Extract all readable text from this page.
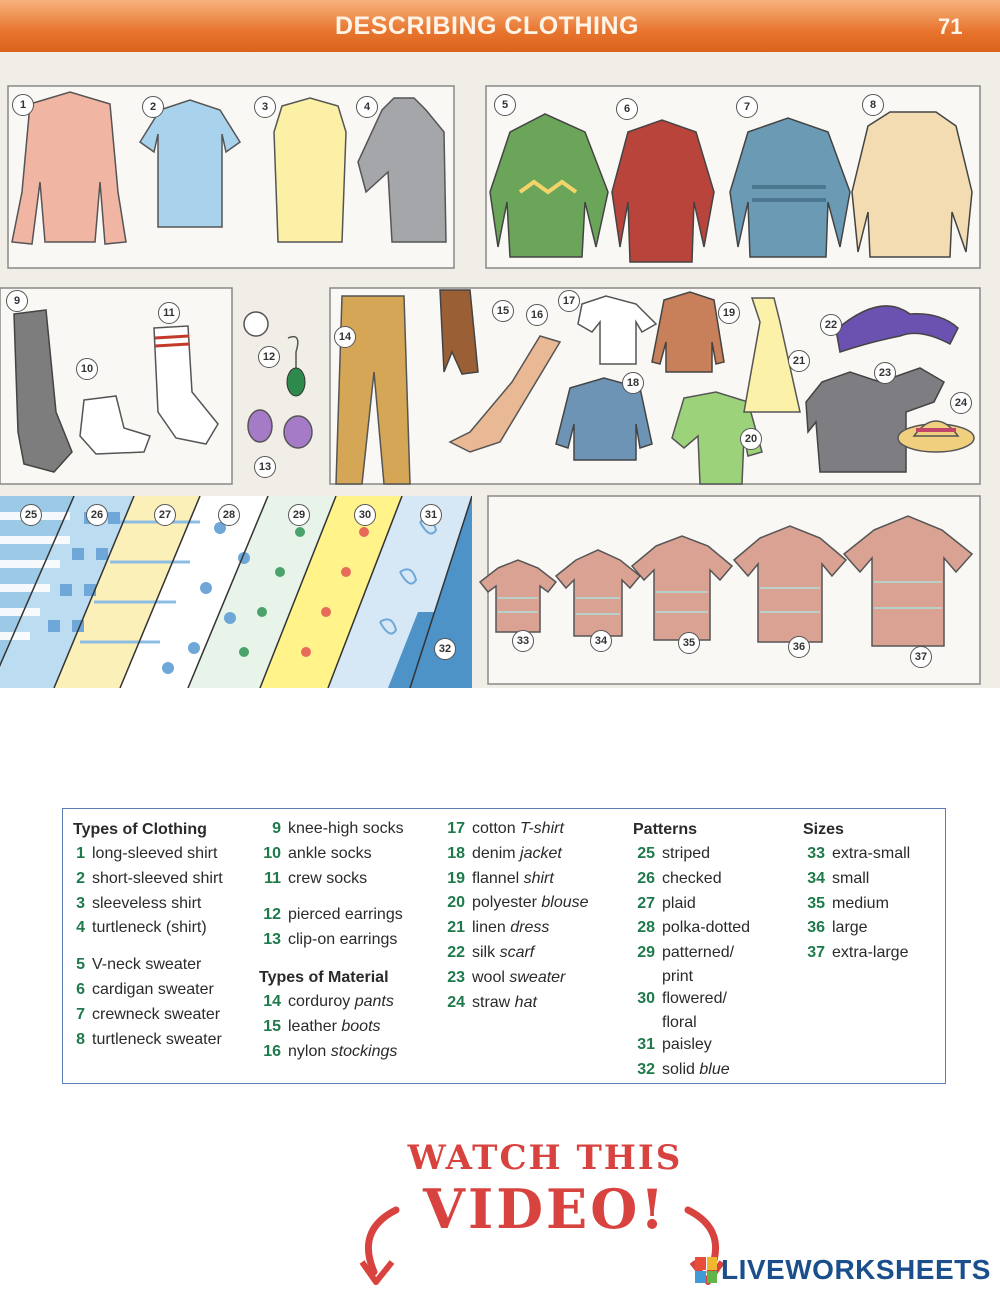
DESCRIBING CLOTHING	71
1	2	3	4	5	6	7	8
9
10
11
12
13
14
15	16
17
18
19
20
21
22
23
24
25	26	27	28	29	30	31
32
33	34	35	36
37
Types of Clothing
1 long-sleeved shirt
2 short-sleeved shirt
3 sleeveless shirt
4 turtleneck (shirt)
5 V-neck sweater
6 cardigan sweater
7 crewneck sweater
8 turtleneck sweater
9 knee-high socks
10 ankle socks
11 crew socks
12 pierced earrings
13 clip-on earrings
Types of Material
14 corduroy pants
15 leather boots
16 nylon stockings
17 cotton T-shirt
18 denim jacket
19 flannel shirt
20 polyester blouse
21 linen dress
22 silk scarf
23 wool sweater
24 straw hat
Patterns
25 striped
26 checked
27 plaid
28 polka-dotted
29 patterned/
print
30 flowered/
floral
31 paisley
32 solid blue
Sizes
33 extra-small
34 small
35 medium
36 large
37 extra-large
WATCH THIS
VIDEO!
LIVEWORKSHEETS
